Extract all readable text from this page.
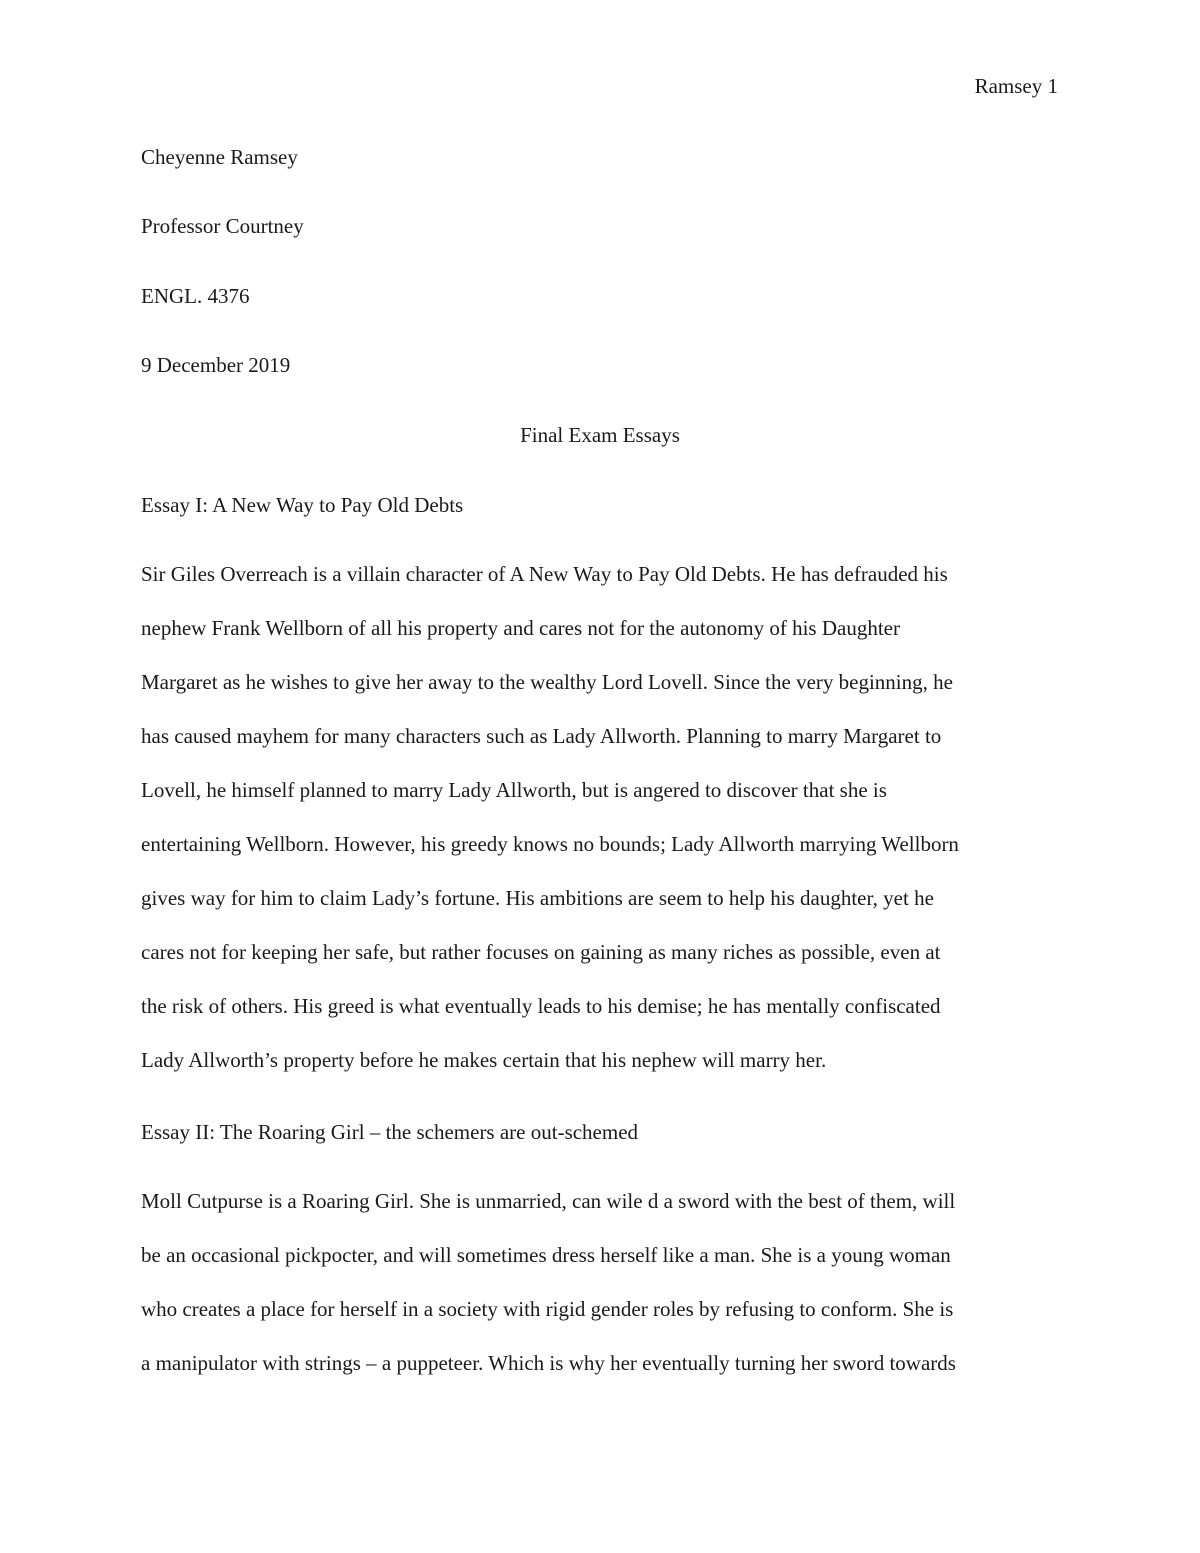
Ramsey 1
Cheyenne Ramsey
Professor Courtney
ENGL. 4376
9 December 2019
Final Exam Essays
Essay I: A New Way to Pay Old Debts
Sir Giles Overreach is a villain character of A New Way to Pay Old Debts. He has defrauded his
nephew Frank Wellborn of all his property and cares not for the autonomy of his Daughter
Margaret as he wishes to give her away to the wealthy Lord Lovell. Since the very beginning, he
has caused mayhem for many characters such as Lady Allworth. Planning to marry Margaret to
Lovell, he himself planned to marry Lady Allworth, but is angered to discover that she is
entertaining Wellborn. However, his greedy knows no bounds; Lady Allworth marrying Wellborn
gives way for him to claim Lady’s fortune. His ambitions are seem to help his daughter, yet he
cares not for keeping her safe, but rather focuses on gaining as many riches as possible, even at
the risk of others. His greed is what eventually leads to his demise; he has mentally confiscated
Lady Allworth’s property before he makes certain that his nephew will marry her.
Essay II: The Roaring Girl – the schemers are out-schemed
Moll Cutpurse is a Roaring Girl. She is unmarried, can wile d a sword with the best of them, will
be an occasional pickpocter, and will sometimes dress herself like a man. She is a young woman
who creates a place for herself in a society with rigid gender roles by refusing to conform. She is
a manipulator with strings – a puppeteer. Which is why her eventually turning her sword towards
